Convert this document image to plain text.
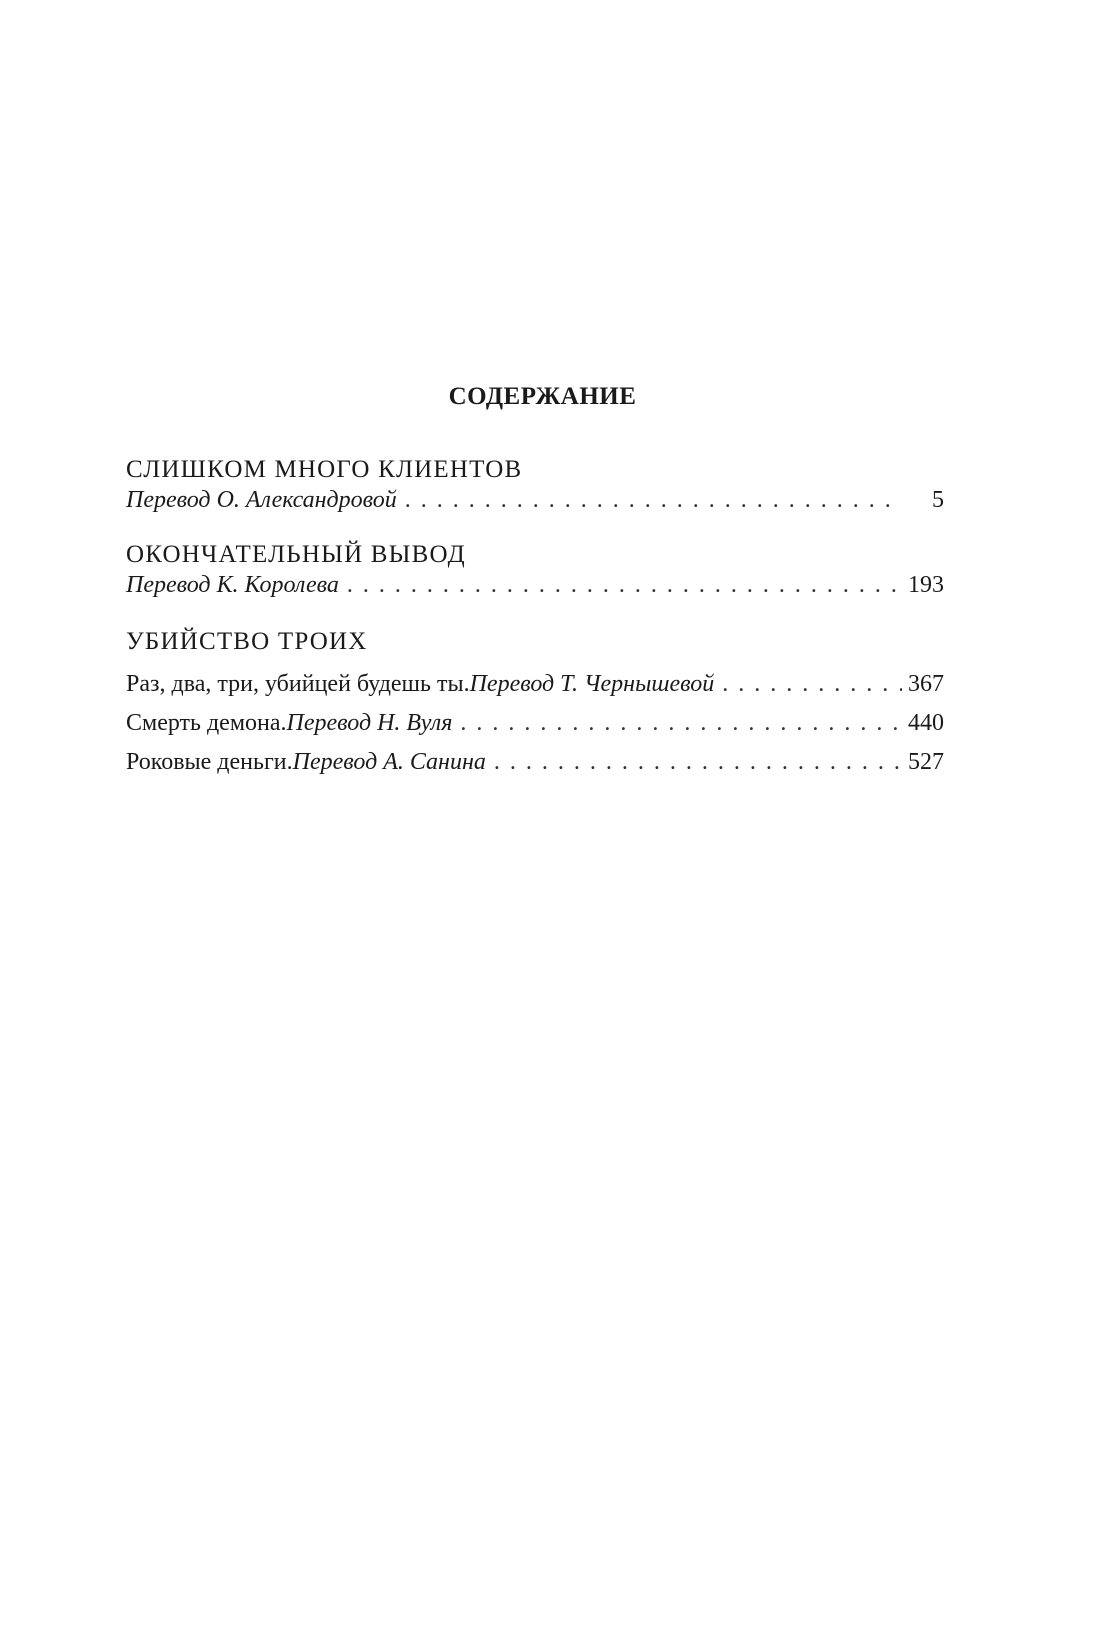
СОДЕРЖАНИЕ
СЛИШКОМ МНОГО КЛИЕНТОВ
Перевод О. Александровой . . .	5
ОКОНЧАТЕЛЬНЫЙ ВЫВОД
Перевод К. Королева . . .	193
УБИЙСТВО ТРОИХ
Раз, два, три, убийцей будешь ты. Перевод Т. Чернышевой . . .	367
Смерть демона. Перевод Н. Вуля . . .	440
Роковые деньги. Перевод А. Санина . . .	527
